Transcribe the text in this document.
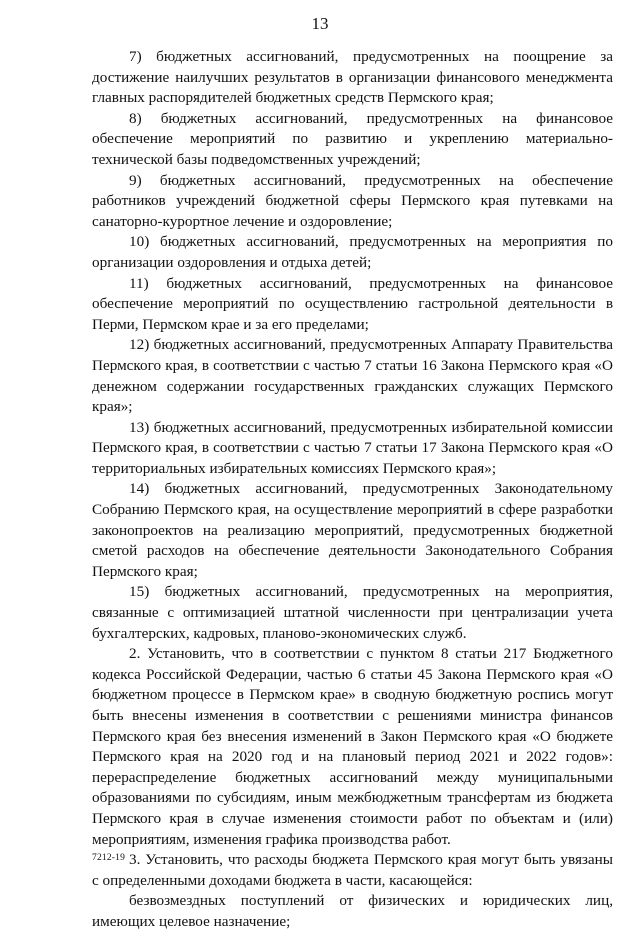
13

7) бюджетных ассигнований, предусмотренных на поощрение за достижение наилучших результатов в организации финансового менеджмента главных распорядителей бюджетных средств Пермского края;

8) бюджетных ассигнований, предусмотренных на финансовое обеспечение мероприятий по развитию и укреплению материально-технической базы подведомственных учреждений;

9) бюджетных ассигнований, предусмотренных на обеспечение работников учреждений бюджетной сферы Пермского края путевками на санаторно-курортное лечение и оздоровление;

10) бюджетных ассигнований, предусмотренных на мероприятия по организации оздоровления и отдыха детей;

11) бюджетных ассигнований, предусмотренных на финансовое обеспечение мероприятий по осуществлению гастрольной деятельности в Перми, Пермском крае и за его пределами;

12) бюджетных ассигнований, предусмотренных Аппарату Правительства Пермского края, в соответствии с частью 7 статьи 16 Закона Пермского края «О денежном содержании государственных гражданских служащих Пермского края»;

13) бюджетных ассигнований, предусмотренных избирательной комиссии Пермского края, в соответствии с частью 7 статьи 17 Закона Пермского края «О территориальных избирательных комиссиях Пермского края»;

14) бюджетных ассигнований, предусмотренных Законодательному Собранию Пермского края, на осуществление мероприятий в сфере разработки законопроектов на реализацию мероприятий, предусмотренных бюджетной сметой расходов на обеспечение деятельности Законодательного Собрания Пермского края;

15) бюджетных ассигнований, предусмотренных на мероприятия, связанные с оптимизацией штатной численности при централизации учета бухгалтерских, кадровых, планово-экономических служб.

2. Установить, что в соответствии с пунктом 8 статьи 217 Бюджетного кодекса Российской Федерации, частью 6 статьи 45 Закона Пермского края «О бюджетном процессе в Пермском крае» в сводную бюджетную роспись могут быть внесены изменения в соответствии с решениями министра финансов Пермского края без внесения изменений в Закон Пермского края «О бюджете Пермского края на 2020 год и на плановый период 2021 и 2022 годов»: перераспределение бюджетных ассигнований между муниципальными образованиями по субсидиям, иным межбюджетным трансфертам из бюджета Пермского края в случае изменения стоимости работ по объектам и (или) мероприятиям, изменения графика производства работ.

3. Установить, что расходы бюджета Пермского края могут быть увязаны с определенными доходами бюджета в части, касающейся:

безвозмездных поступлений от физических и юридических лиц, имеющих целевое назначение;

7212-19
